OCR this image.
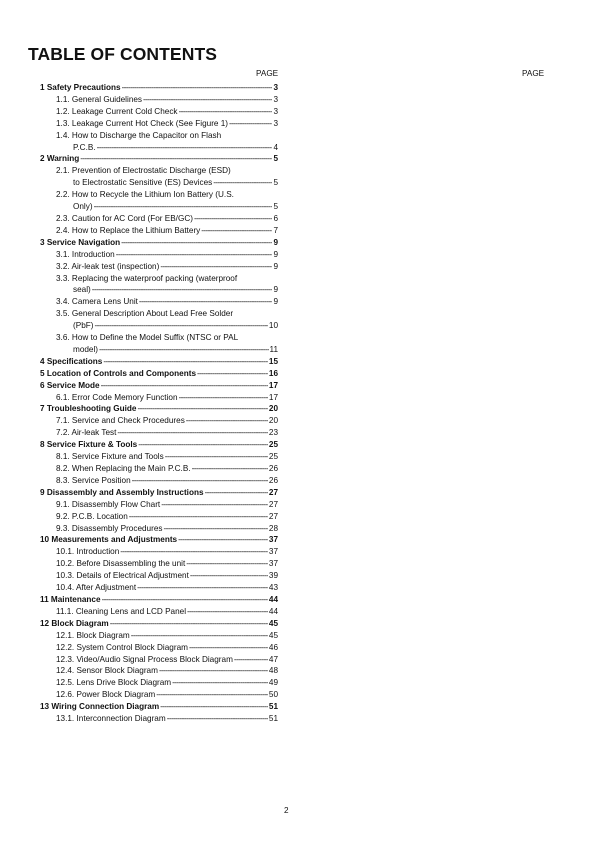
TABLE OF CONTENTS
PAGE	PAGE
1 Safety Precautions -----	3
1.1. General Guidelines -----	3
1.2. Leakage Current Cold Check -----	3
1.3. Leakage Current Hot Check (See Figure 1) -----	3
1.4. How to Discharge the Capacitor on Flash
P.C.B. -----	4
2 Warning -----	5
2.1. Prevention of Electrostatic Discharge (ESD)
to Electrostatic Sensitive (ES) Devices -----	5
2.2. How to Recycle the Lithium Ion Battery (U.S.
Only) -----	5
2.3. Caution for AC Cord (For EB/GC) -----	6
2.4. How to Replace the Lithium Battery -----	7
3 Service Navigation -----	9
3.1. Introduction -----	9
3.2. Air-leak test (inspection) -----	9
3.3. Replacing the waterproof packing (waterproof
seal) -----	9
3.4. Camera Lens Unit -----	9
3.5. General Description About Lead Free Solder
(PbF) -----	10
3.6. How to Define the Model Suffix (NTSC or PAL
model) -----	11
4 Specifications -----	15
5 Location of Controls and Components -----	16
6 Service Mode -----	17
6.1. Error Code Memory Function -----	17
7 Troubleshooting Guide -----	20
7.1. Service and Check Procedures -----	20
7.2. Air-leak Test -----	23
8 Service Fixture & Tools -----	25
8.1. Service Fixture and Tools -----	25
8.2. When Replacing the Main P.C.B. -----	26
8.3. Service Position -----	26
9 Disassembly and Assembly Instructions -----	27
9.1. Disassembly Flow Chart -----	27
9.2. P.C.B. Location -----	27
9.3. Disassembly Procedures -----	28
10 Measurements and Adjustments -----	37
10.1. Introduction -----	37
10.2. Before Disassembling the unit -----	37
10.3. Details of Electrical Adjustment -----	39
10.4. After Adjustment -----	43
11 Maintenance -----	44
11.1. Cleaning Lens and LCD Panel -----	44
12 Block Diagram -----	45
12.1. Block Diagram -----	45
12.2. System Control Block Diagram -----	46
12.3. Video/Audio Signal Process Block Diagram -----	47
12.4. Sensor Block Diagram -----	48
12.5. Lens Drive Block Diagram -----	49
12.6. Power Block Diagram -----	50
13 Wiring Connection Diagram -----	51
13.1. Interconnection Diagram -----	51
2
